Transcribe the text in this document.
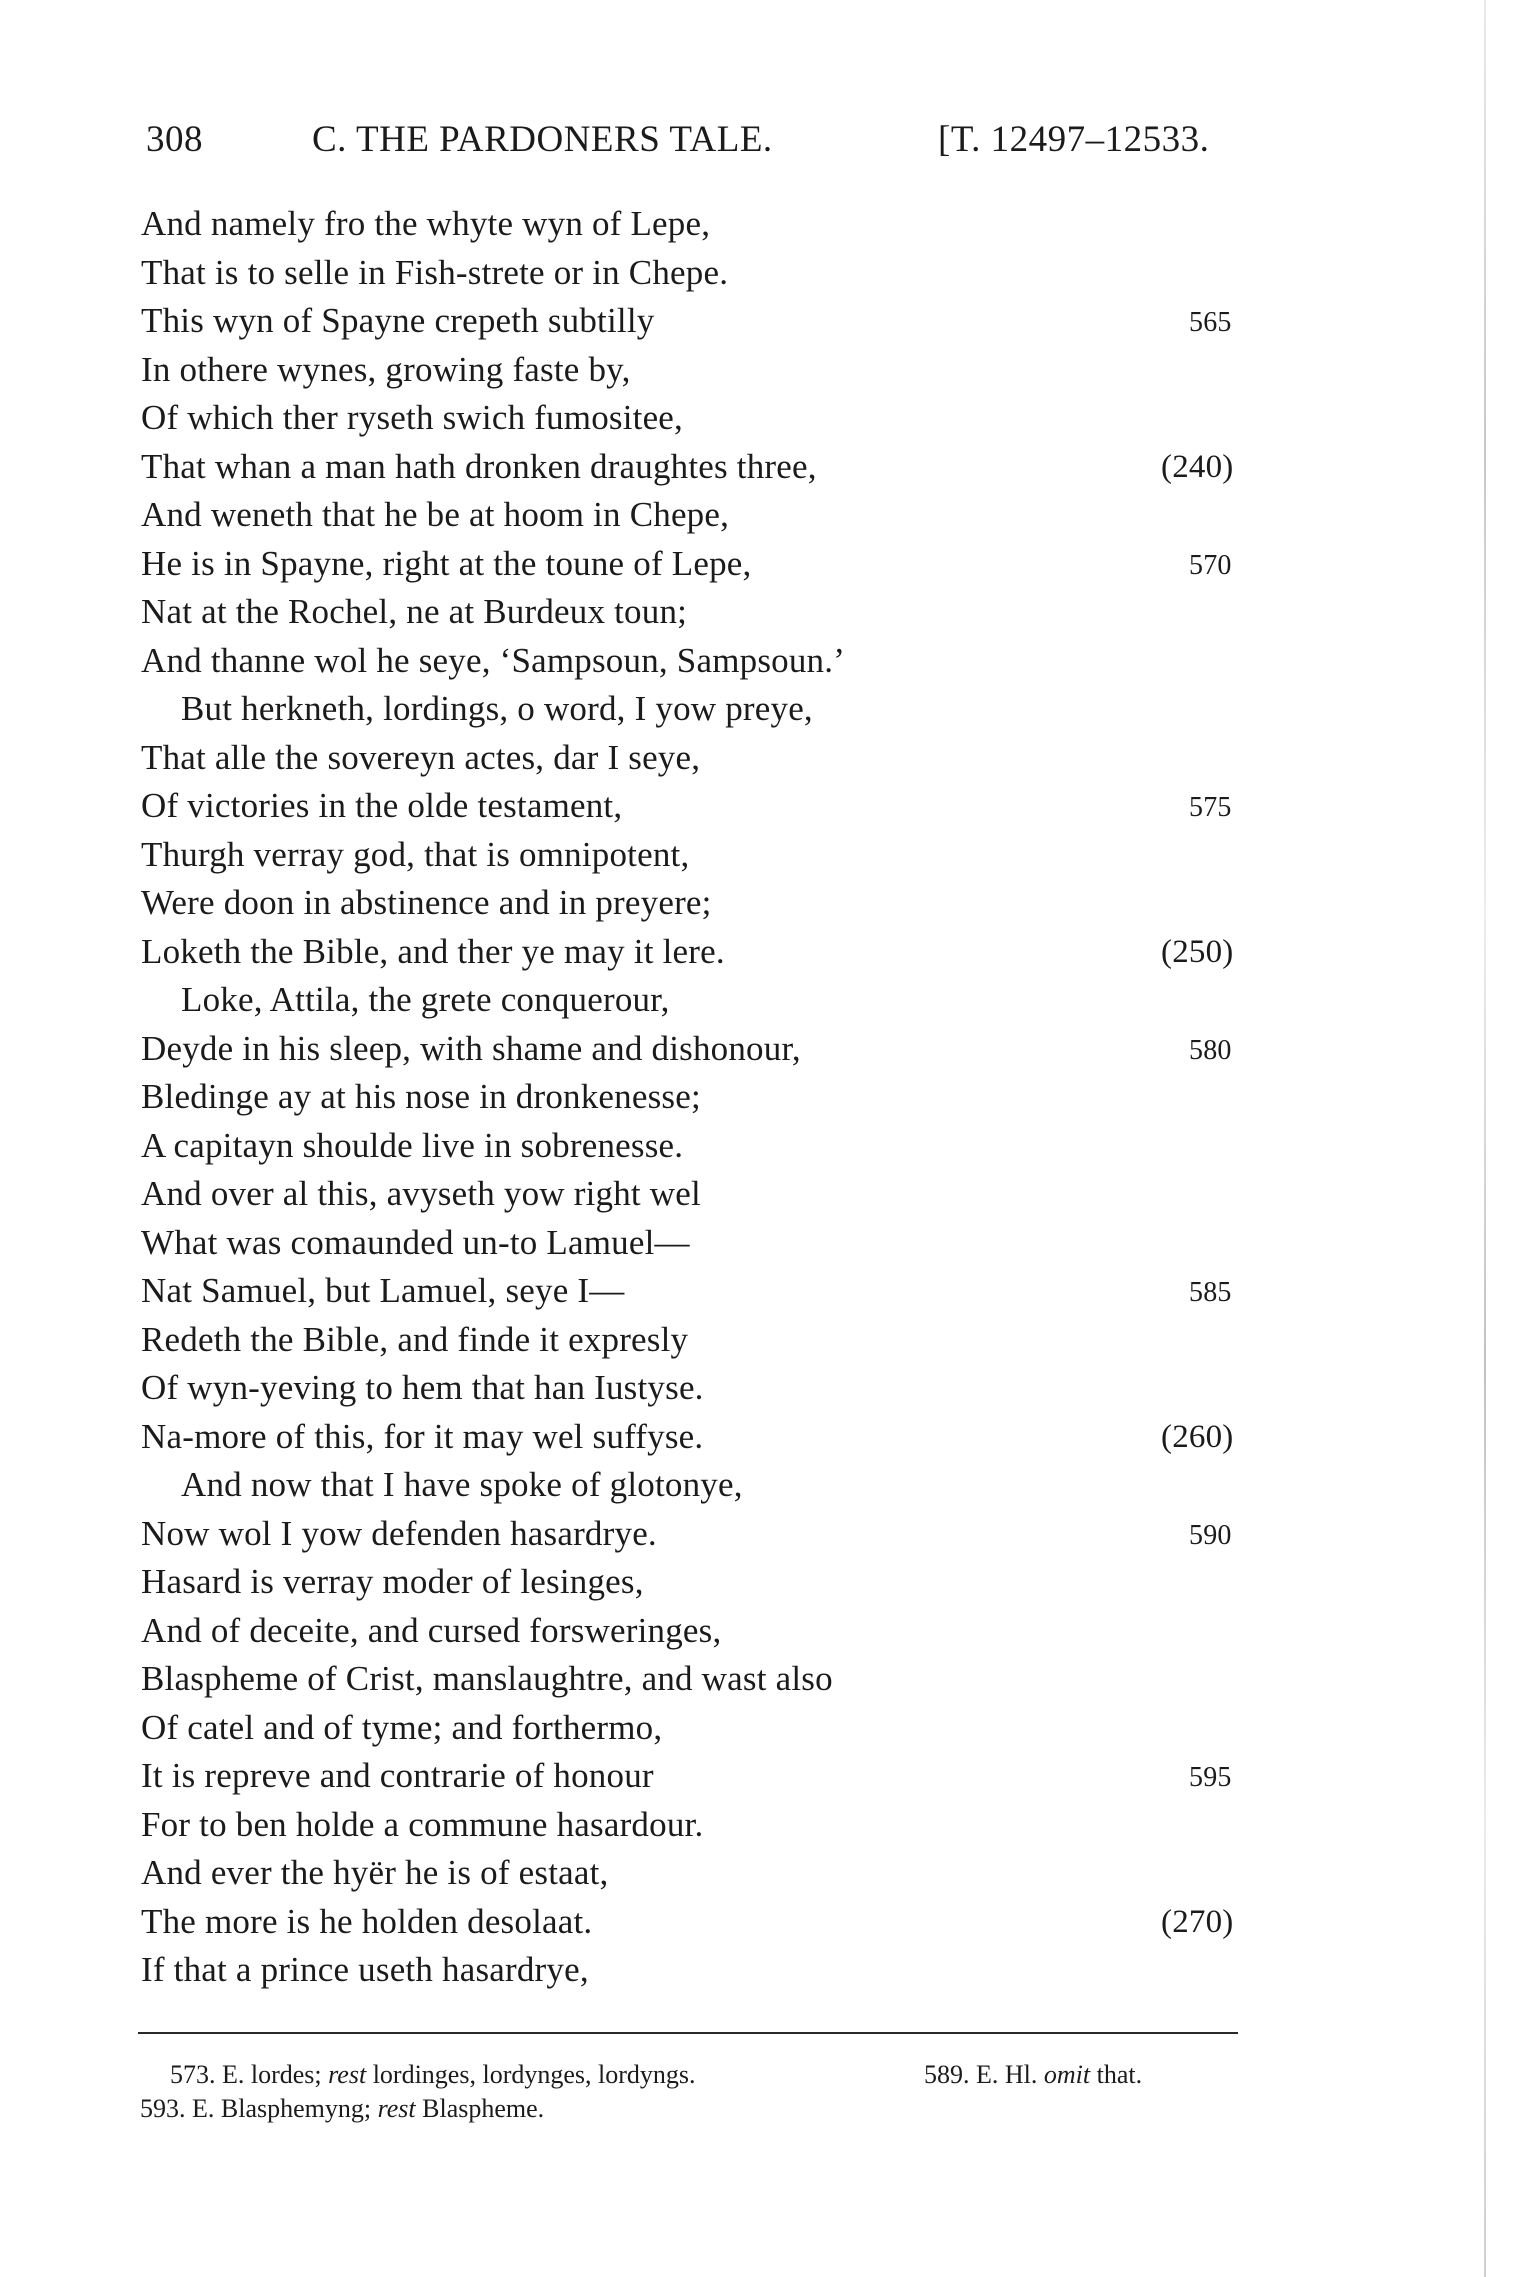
308	C. THE PARDONERS TALE.	[T. 12497–12533.
And namely fro the whyte wyn of Lepe,
That is to selle in Fish-strete or in Chepe.
This wyn of Spayne crepeth subtilly	565
In othere wynes, growing faste by,
Of which ther ryseth swich fumositee,
That whan a man hath dronken draughtes three,	(240)
And weneth that he be at hoom in Chepe,
He is in Spayne, right at the toune of Lepe,	570
Nat at the Rochel, ne at Burdeux toun;
And thanne wol he seye, ‘Sampsoun, Sampsoun.’
But herkneth, lordings, o word, I yow preye,
That alle the sovereyn actes, dar I seye,
Of victories in the olde testament,	575
Thurgh verray god, that is omnipotent,
Were doon in abstinence and in preyere;
Loketh the Bible, and ther ye may it lere.	(250)
Loke, Attila, the grete conquerour,
Deyde in his sleep, with shame and dishonour,	580
Bledinge ay at his nose in dronkenesse;
A capitayn shoulde live in sobrenesse.
And over al this, avyseth yow right wel
What was comaunded un-to Lamuel—
Nat Samuel, but Lamuel, seye I—	585
Redeth the Bible, and finde it expresly
Of wyn-yeving to hem that han Iustyse.
Na-more of this, for it may wel suffyse.	(260)
And now that I have spoke of glotonye,
Now wol I yow defenden hasardrye.	590
Hasard is verray moder of lesinges,
And of deceite, and cursed forsweringes,
Blaspheme of Crist, manslaughtre, and wast also
Of catel and of tyme; and forthermo,
It is repreve and contrarie of honour	595
For to ben holde a commune hasardour.
And ever the hyër he is of estaat,
The more is he holden desolaat.	(270)
If that a prince useth hasardrye,
573. E. lordes; rest lordinges, lordynges, lordyngs.	589. E. Hl. omit that.
593. E. Blasphemyng; rest Blaspheme.
